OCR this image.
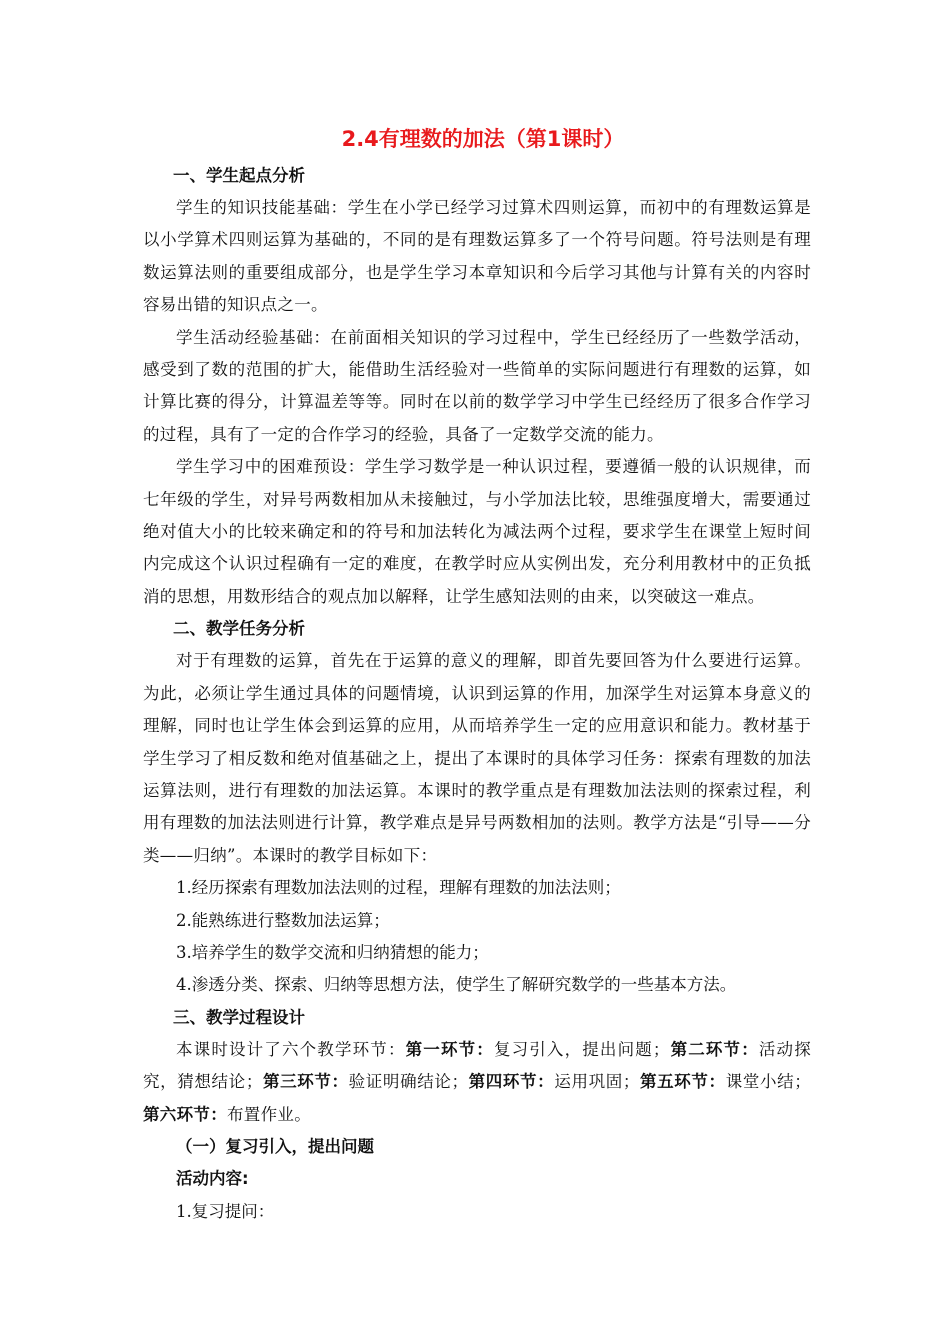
2.4有理数的加法（第1课时）
一、学生起点分析

学生的知识技能基础：学生在小学已经学习过算术四则运算，而初中的有理数运算是以小学算术四则运算为基础的，不同的是有理数运算多了一个符号问题。符号法则是有理数运算法则的重要组成部分，也是学生学习本章知识和今后学习其他与计算有关的内容时容易出错的知识点之一。

学生活动经验基础：在前面相关知识的学习过程中，学生已经经历了一些数学活动，感受到了数的范围的扩大，能借助生活经验对一些简单的实际问题进行有理数的运算，如计算比赛的得分，计算温差等等。同时在以前的数学学习中学生已经经历了很多合作学习的过程，具有了一定的合作学习的经验，具备了一定数学交流的能力。

学生学习中的困难预设：学生学习数学是一种认识过程，要遵循一般的认识规律，而七年级的学生，对异号两数相加从未接触过，与小学加法比较，思维强度增大，需要通过绝对值大小的比较来确定和的符号和加法转化为减法两个过程，要求学生在课堂上短时间内完成这个认识过程确有一定的难度，在教学时应从实例出发，充分利用教材中的正负抵消的思想，用数形结合的观点加以解释，让学生感知法则的由来，以突破这一难点。

二、教学任务分析

对于有理数的运算，首先在于运算的意义的理解，即首先要回答为什么要进行运算。为此，必须让学生通过具体的问题情境，认识到运算的作用，加深学生对运算本身意义的理解，同时也让学生体会到运算的应用，从而培养学生一定的应用意识和能力。教材基于学生学习了相反数和绝对值基础之上，提出了本课时的具体学习任务：探索有理数的加法运算法则，进行有理数的加法运算。本课时的教学重点是有理数加法法则的探索过程，利用有理数的加法法则进行计算，教学难点是异号两数相加的法则。教学方法是“引导——分类——归纳”。本课时的教学目标如下：

1.经历探索有理数加法法则的过程，理解有理数的加法法则；

2.能熟练进行整数加法运算；

3.培养学生的数学交流和归纳猜想的能力；

4.渗透分类、探索、归纳等思想方法，使学生了解研究数学的一些基本方法。

三、教学过程设计

本课时设计了六个教学环节：第一环节：复习引入，提出问题；第二环节：活动探究，猜想结论；第三环节：验证明确结论；第四环节：运用巩固；第五环节：课堂小结；第六环节：布置作业。

（一）复习引入，提出问题
活动内容:

1.复习提问：
